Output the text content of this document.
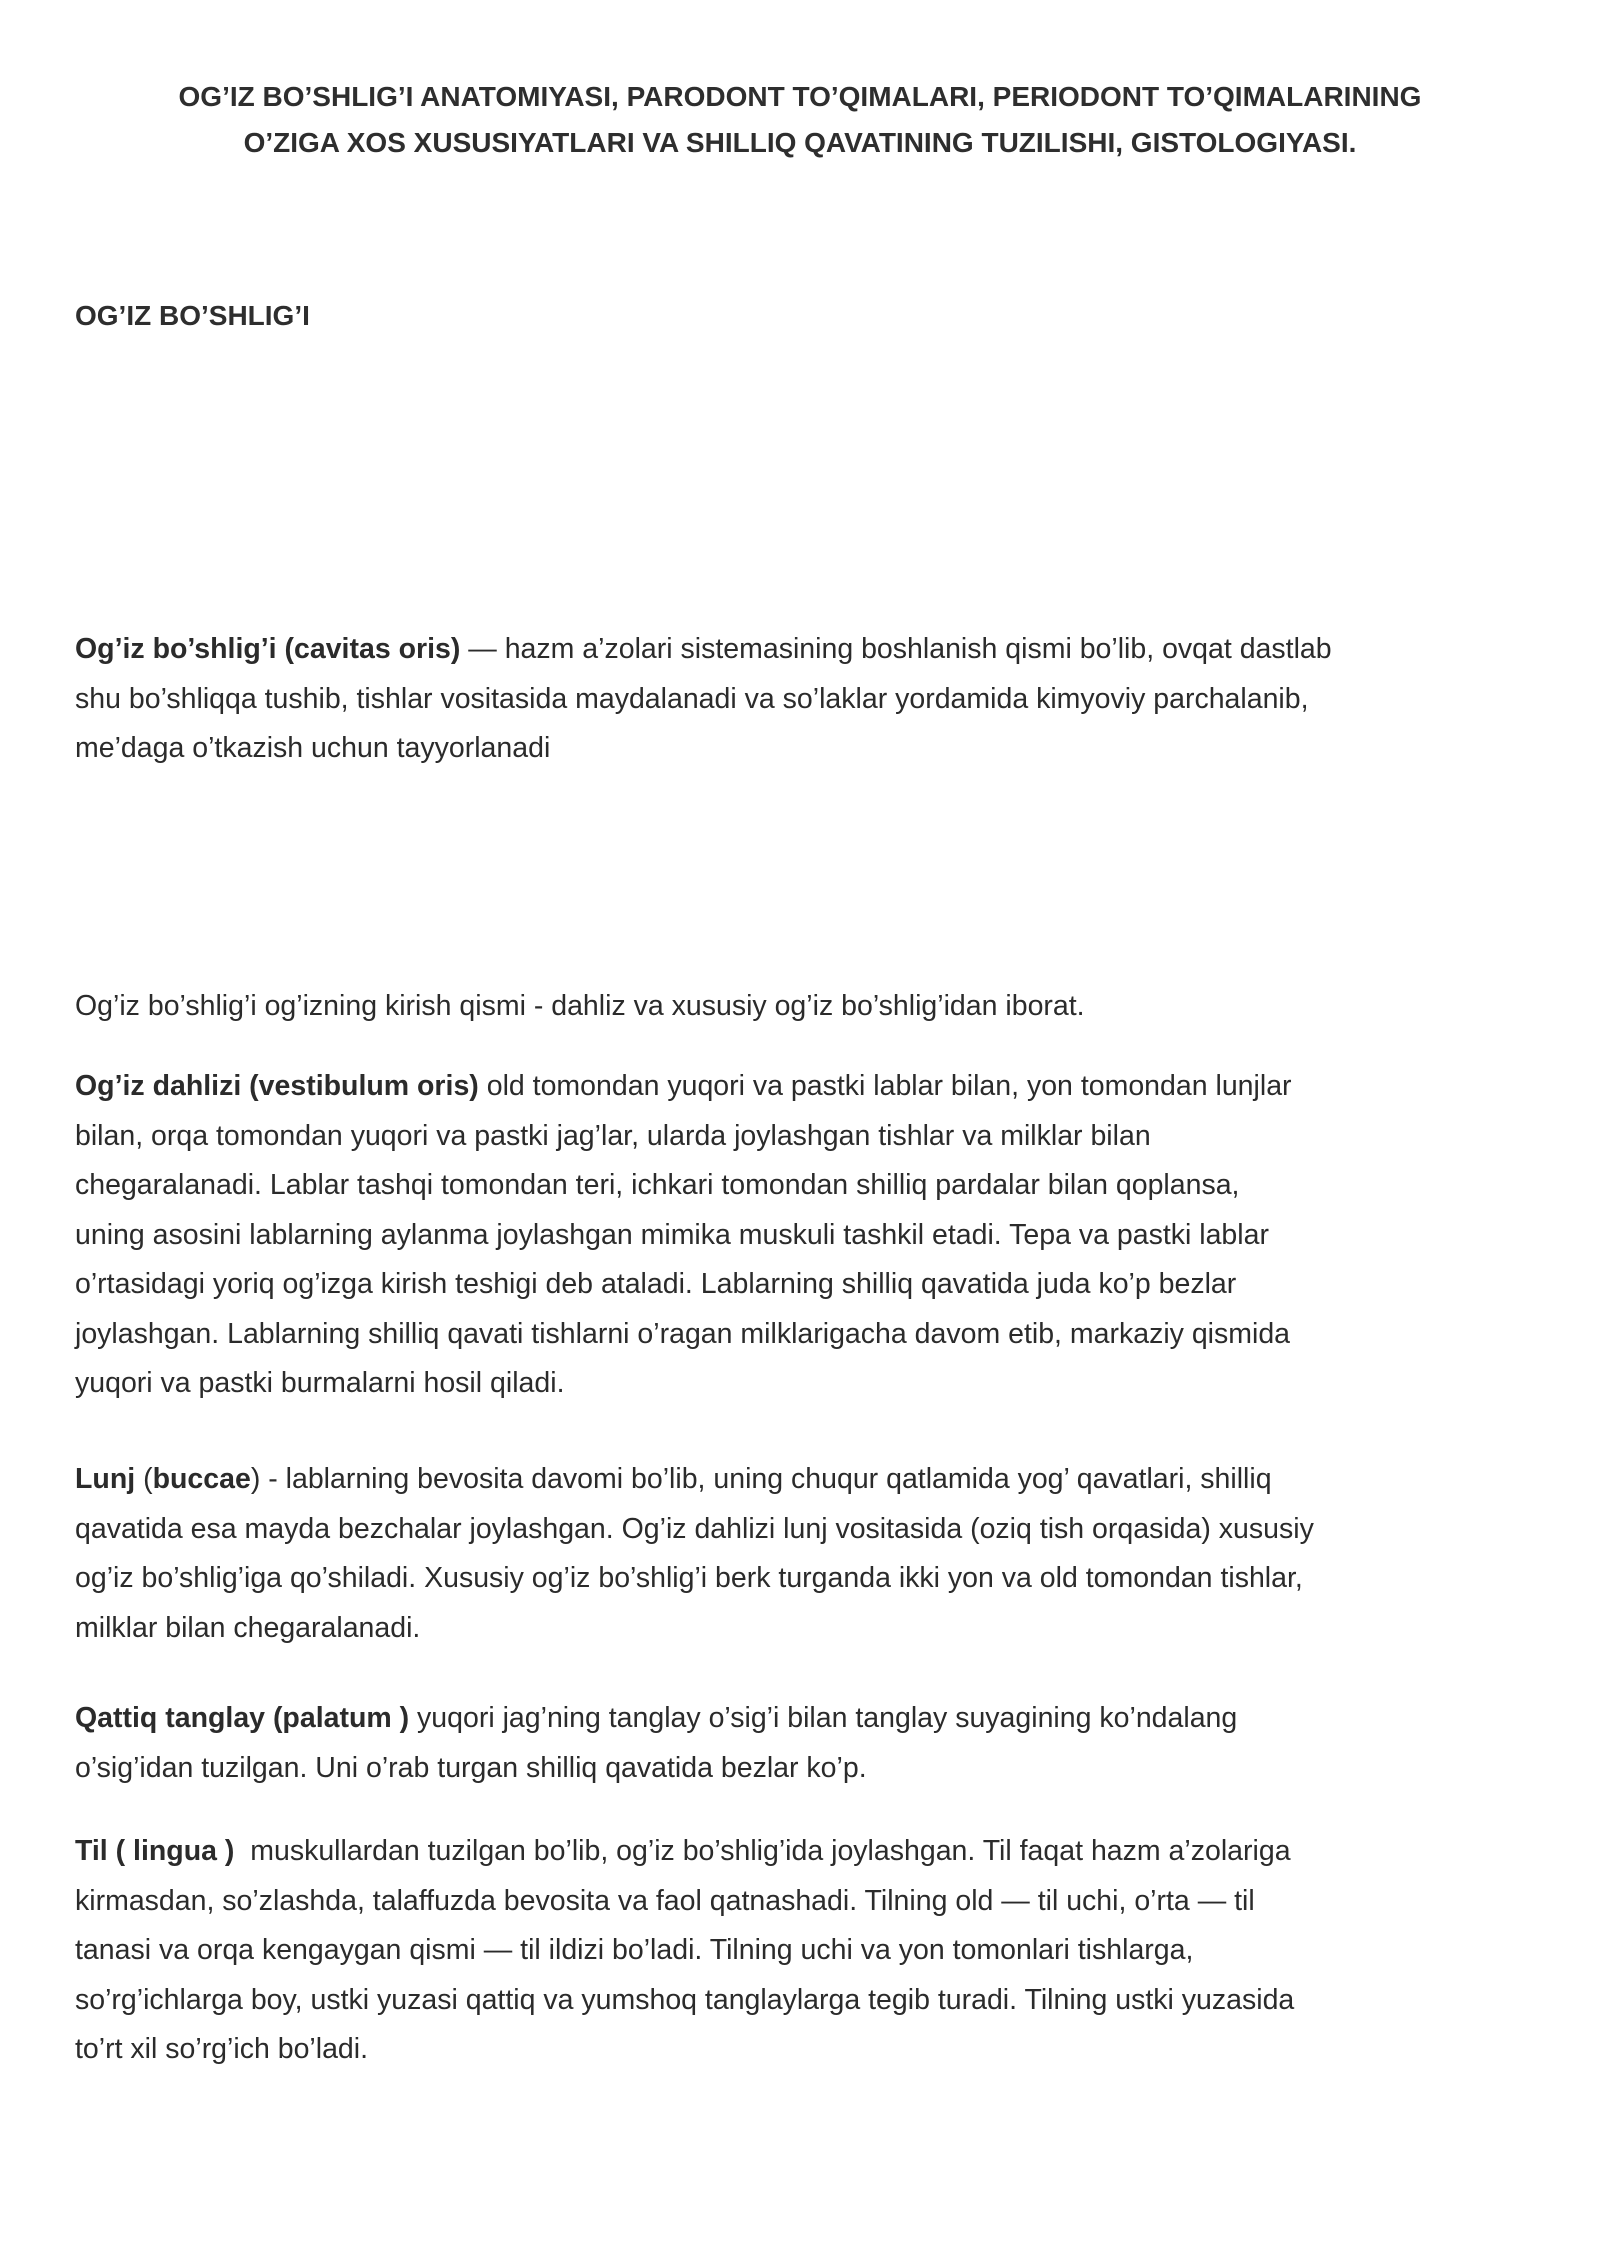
OG’IZ BO’SHLIG’I ANATOMIYASI, PARODONT TO’QIMALARI, PERIODONT TO’QIMALARINING
O’ZIGA XOS XUSUSIYATLARI VA SHILLIQ QAVATINING TUZILISHI, GISTOLOGIYASI.
OG’IZ BO’SHLIG’I

Og’iz bo’shlig’i (cavitas oris) — hazm a’zolari sistemasining boshlanish qismi bo’lib, ovqat dastlab
shu bo’shliqqa tushib, tishlar vositasida maydalanadi va so’laklar yordamida kimyoviy parchalanib,
me’daga o’tkazish uchun tayyorlanadi

Og’iz bo’shlig’i og’izning kirish qismi - dahliz va xususiy og’iz bo’shlig’idan iborat.

Og’iz dahlizi (vestibulum oris) old tomondan yuqori va pastki lablar bilan, yon tomondan lunjlar
bilan, orqa tomondan yuqori va pastki jag’lar, ularda joylashgan tishlar va milklar bilan
chegaralanadi. Lablar tashqi tomondan teri, ichkari tomondan shilliq pardalar bilan qoplansa,
uning asosini lablarning aylanma joylashgan mimika muskuli tashkil etadi. Tepa va pastki lablar
o’rtasidagi yoriq og’izga kirish teshigi deb ataladi. Lablarning shilliq qavatida juda ko’p bezlar
joylashgan. Lablarning shilliq qavati tishlarni o’ragan milklarigacha davom etib, markaziy qismida
yuqori va pastki burmalarni hosil qiladi.

Lunj (buccae) - lablarning bevosita davomi bo’lib, uning chuqur qatlamida yog’ qavatlari, shilliq
qavatida esa mayda bezchalar joylashgan. Og’iz dahlizi lunj vositasida (oziq tish orqasida) xususiy
og’iz bo’shlig’iga qo’shiladi. Xususiy og’iz bo’shlig’i berk turganda ikki yon va old tomondan tishlar,
milklar bilan chegaralanadi.

Qattiq tanglay (palatum ) yuqori jag’ning tanglay o’sig’i bilan tanglay suyagining ko’ndalang
o’sig’idan tuzilgan. Uni o’rab turgan shilliq qavatida bezlar ko’p.

Til ( lingua )  muskullardan tuzilgan bo’lib, og’iz bo’shlig’ida joylashgan. Til faqat hazm a’zolariga
kirmasdan, so’zlashda, talaffuzda bevosita va faol qatnashadi. Tilning old — til uchi, o’rta — til
tanasi va orqa kengaygan qismi — til ildizi bo’ladi. Tilning uchi va yon tomonlari tishlarga,
so’rg’ichlarga boy, ustki yuzasi qattiq va yumshoq tanglaylarga tegib turadi. Tilning ustki yuzasida
to’rt xil so’rg’ich bo’ladi.
